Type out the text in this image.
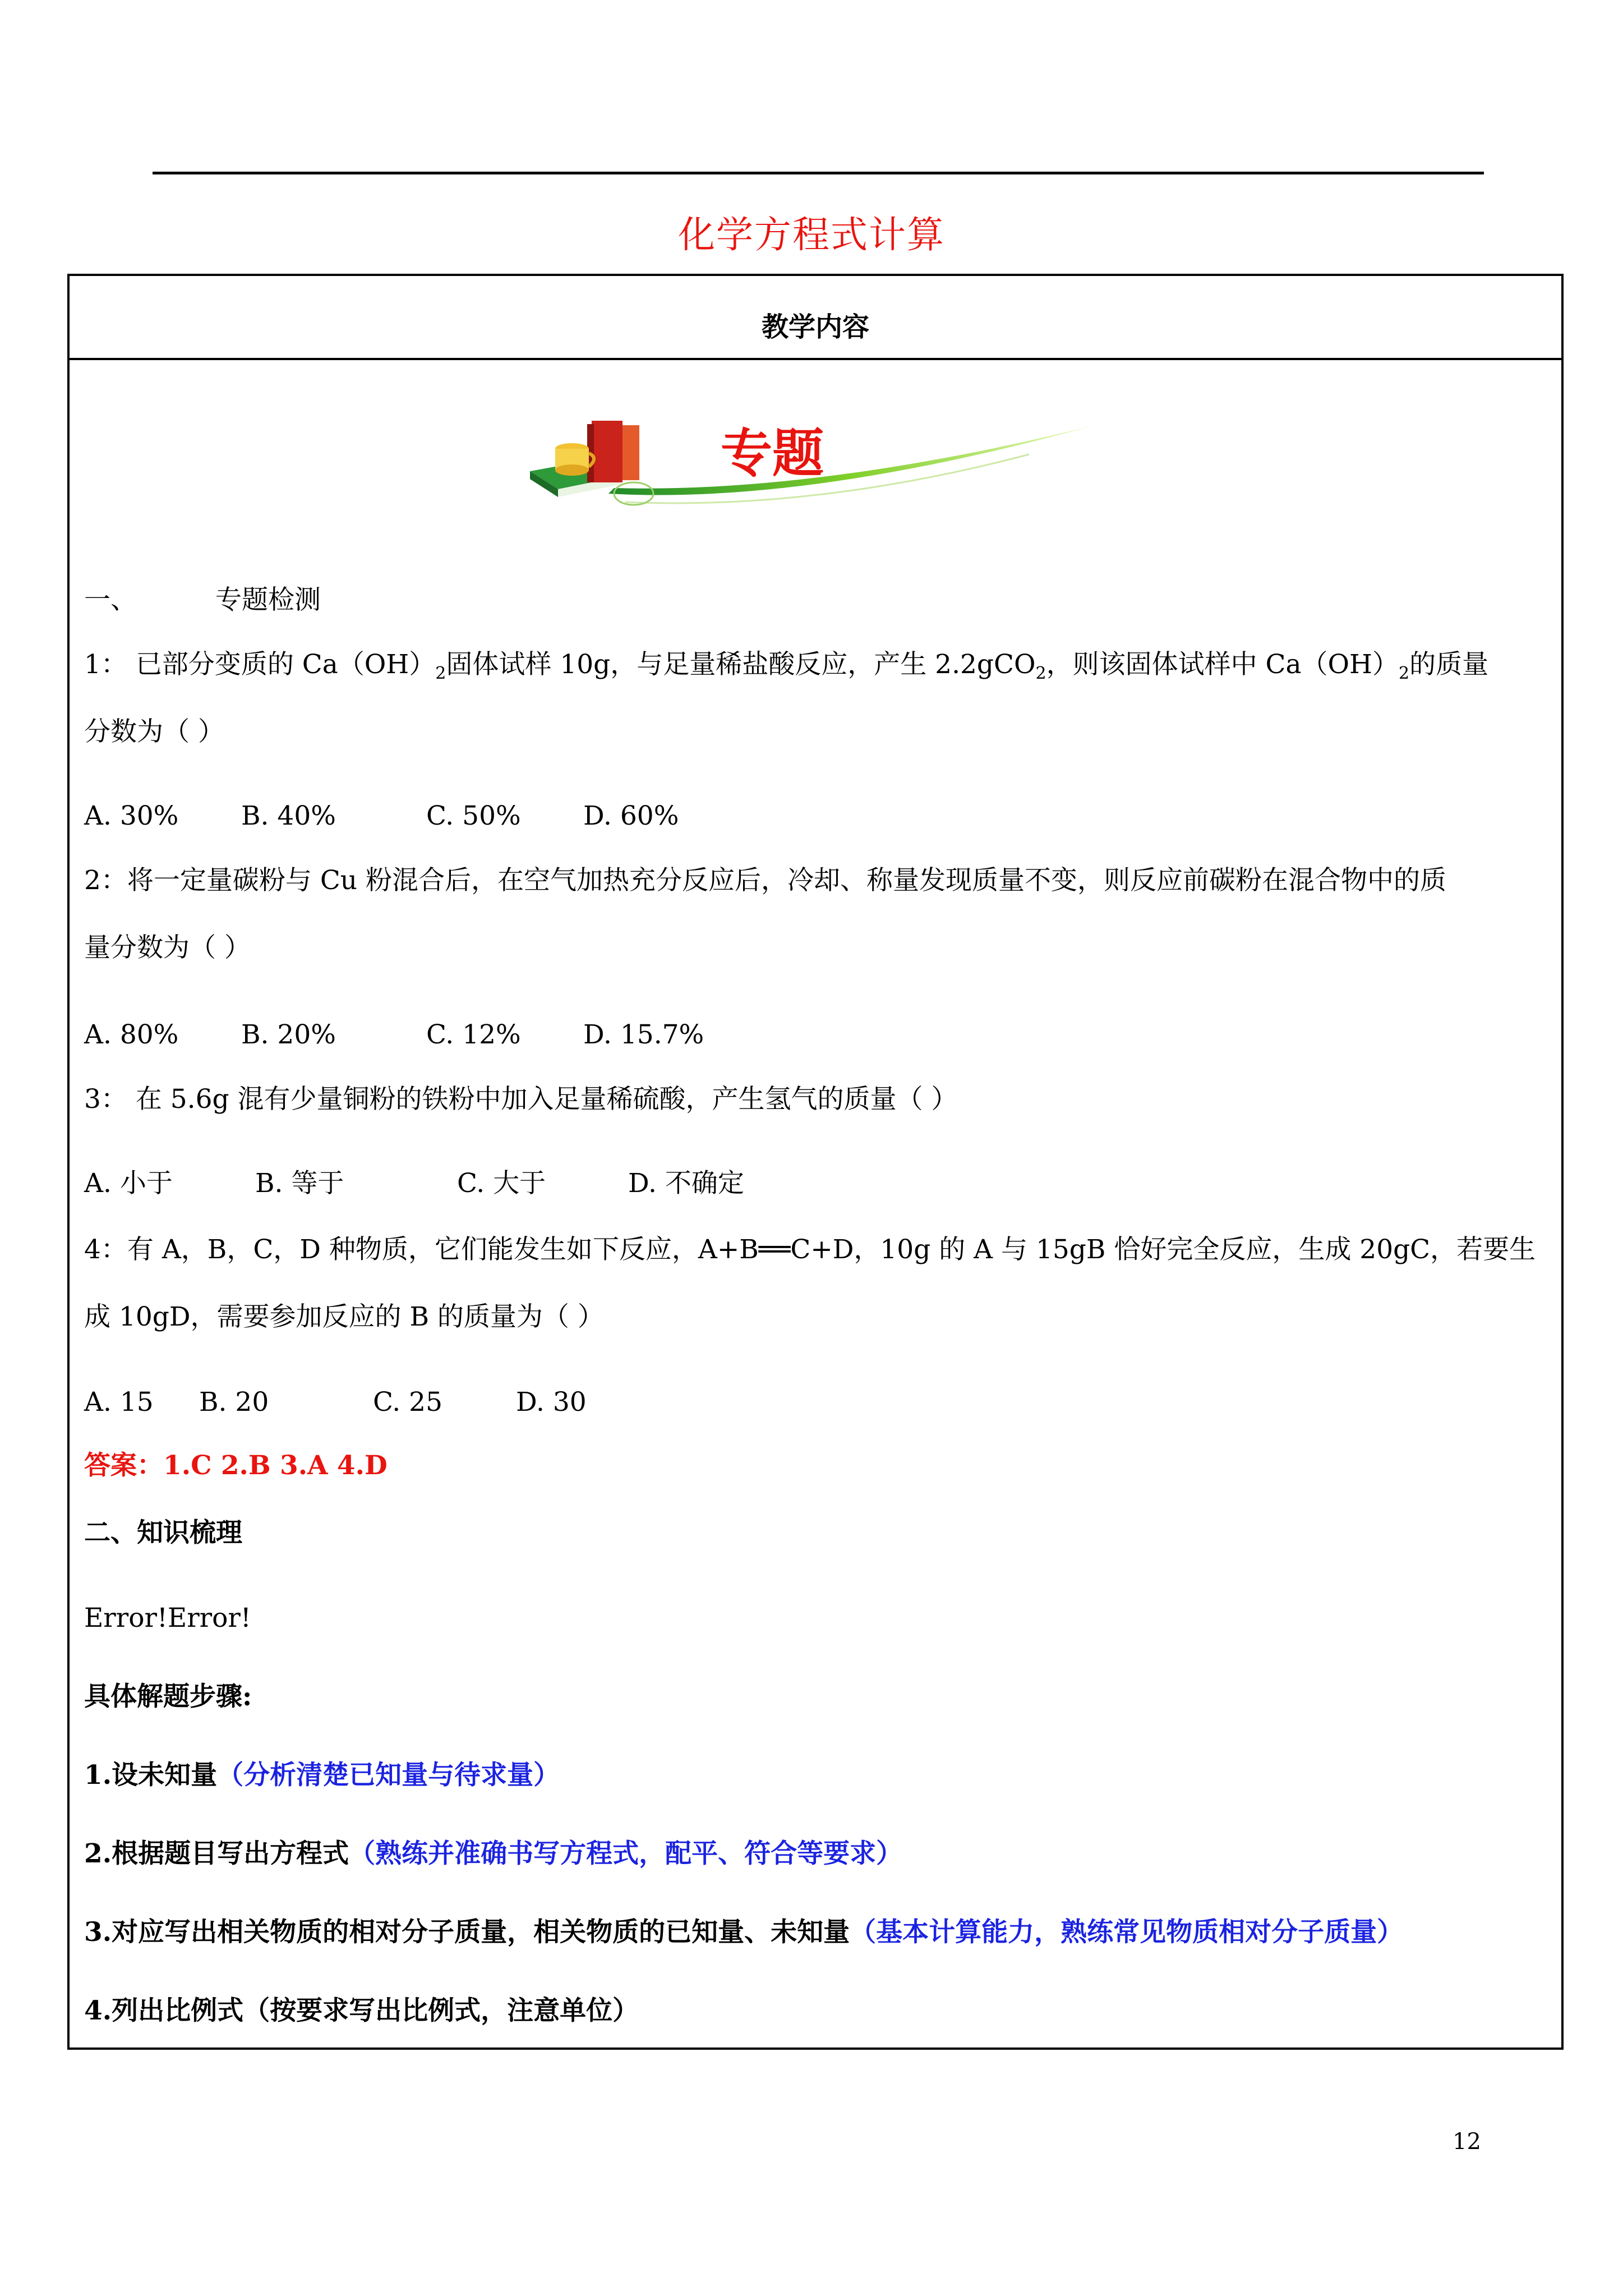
化学方程式计算
教学内容
专题
一、	专题检测
1： 已部分变质的 $Ca(OH)_2$固体试样 10g，与足量稀盐酸反应，产生 2.2gCO$_2$，则该固体试样中 $Ca(OH)_2$的质量
分数为（ ）
A. 30% B. 40%	C. 50% D. 60%
2：将一定量碳粉与 Cu 粉混合后，在空气加热充分反应后，冷却、称量发现质量不变，则反应前碳粉在混合物中的质
量分数为（ ）
A. 80% B. 20%	C. 12% D. 15.7%
3： 在 5.6g 混有少量铜粉的铁粉中加入足量稀硫酸，产生氢气的质量（ ）
A. 小于	B. 等于	C. 大于	D. 不确定
4：有 A，B，C，D 种物质，它们能发生如下反应，A+B══C+D，10g 的 A 与 15gB 恰好完全反应，生成 20gC，若要生
成 10gD，需要参加反应的 B 的质量为（ ）
A. 15 B. 20	C. 25	D. 30
答案：1.C 2.B 3.A 4.D
二、知识梳理
Error!Error!
具体解题步骤:
1.设未知量（分析清楚已知量与待求量）
2.根据题目写出方程式（熟练并准确书写方程式，配平、符合等要求）
3.对应写出相关物质的相对分子质量，相关物质的已知量、未知量（基本计算能力，熟练常见物质相对分子质量）
4.列出比例式（按要求写出比例式，注意单位）
12
